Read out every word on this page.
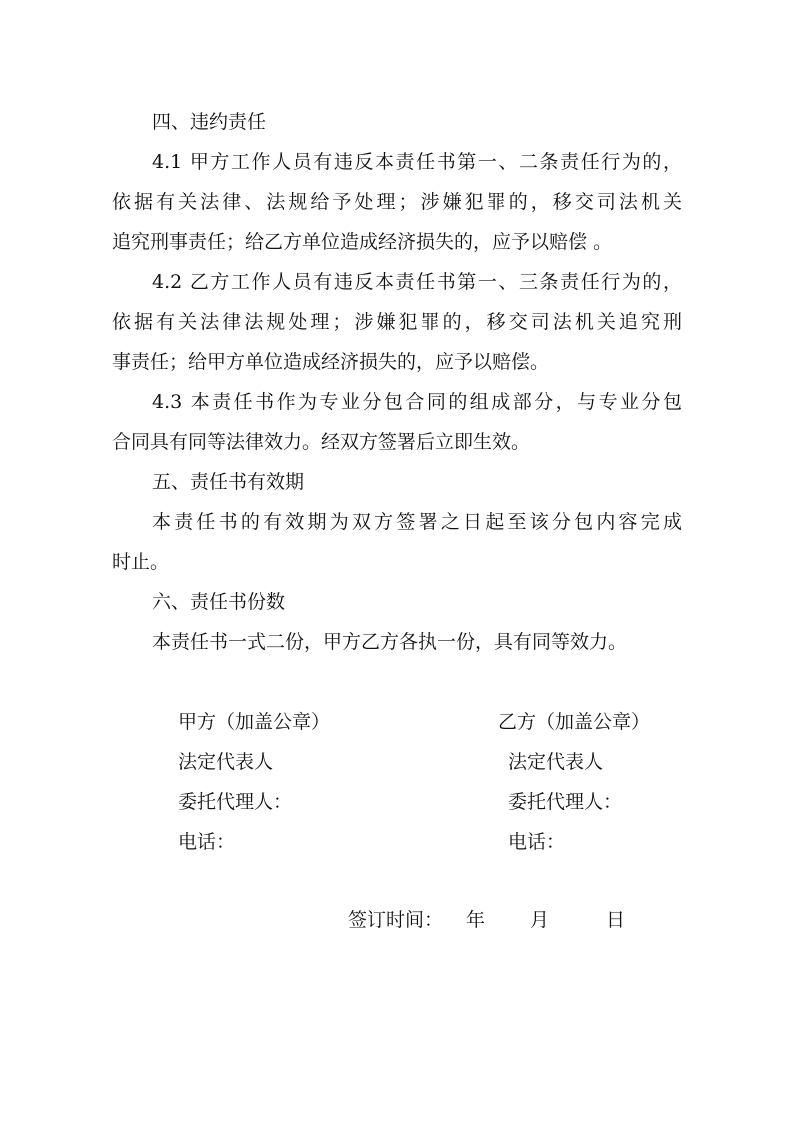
四、违约责任
4.1 甲方工作人员有违反本责任书第一、二条责任行为的，
依据有关法律、法规给予处理；涉嫌犯罪的，移交司法机关
追究刑事责任；给乙方单位造成经济损失的，应予以赔偿 。
4.2 乙方工作人员有违反本责任书第一、三条责任行为的，
依据有关法律法规处理；涉嫌犯罪的，移交司法机关追究刑
事责任；给甲方单位造成经济损失的，应予以赔偿。
4.3 本责任书作为专业分包合同的组成部分，与专业分包
合同具有同等法律效力。经双方签署后立即生效。
五、责任书有效期
本责任书的有效期为双方签署之日起至该分包内容完成
时止。
六、责任书份数
本责任书一式二份，甲方乙方各执一份，具有同等效力。
甲方（加盖公章）
法定代表人
委托代理人：
电话：
乙方（加盖公章）
法定代表人
委托代理人：
电话：
签订时间： 年 月	日
